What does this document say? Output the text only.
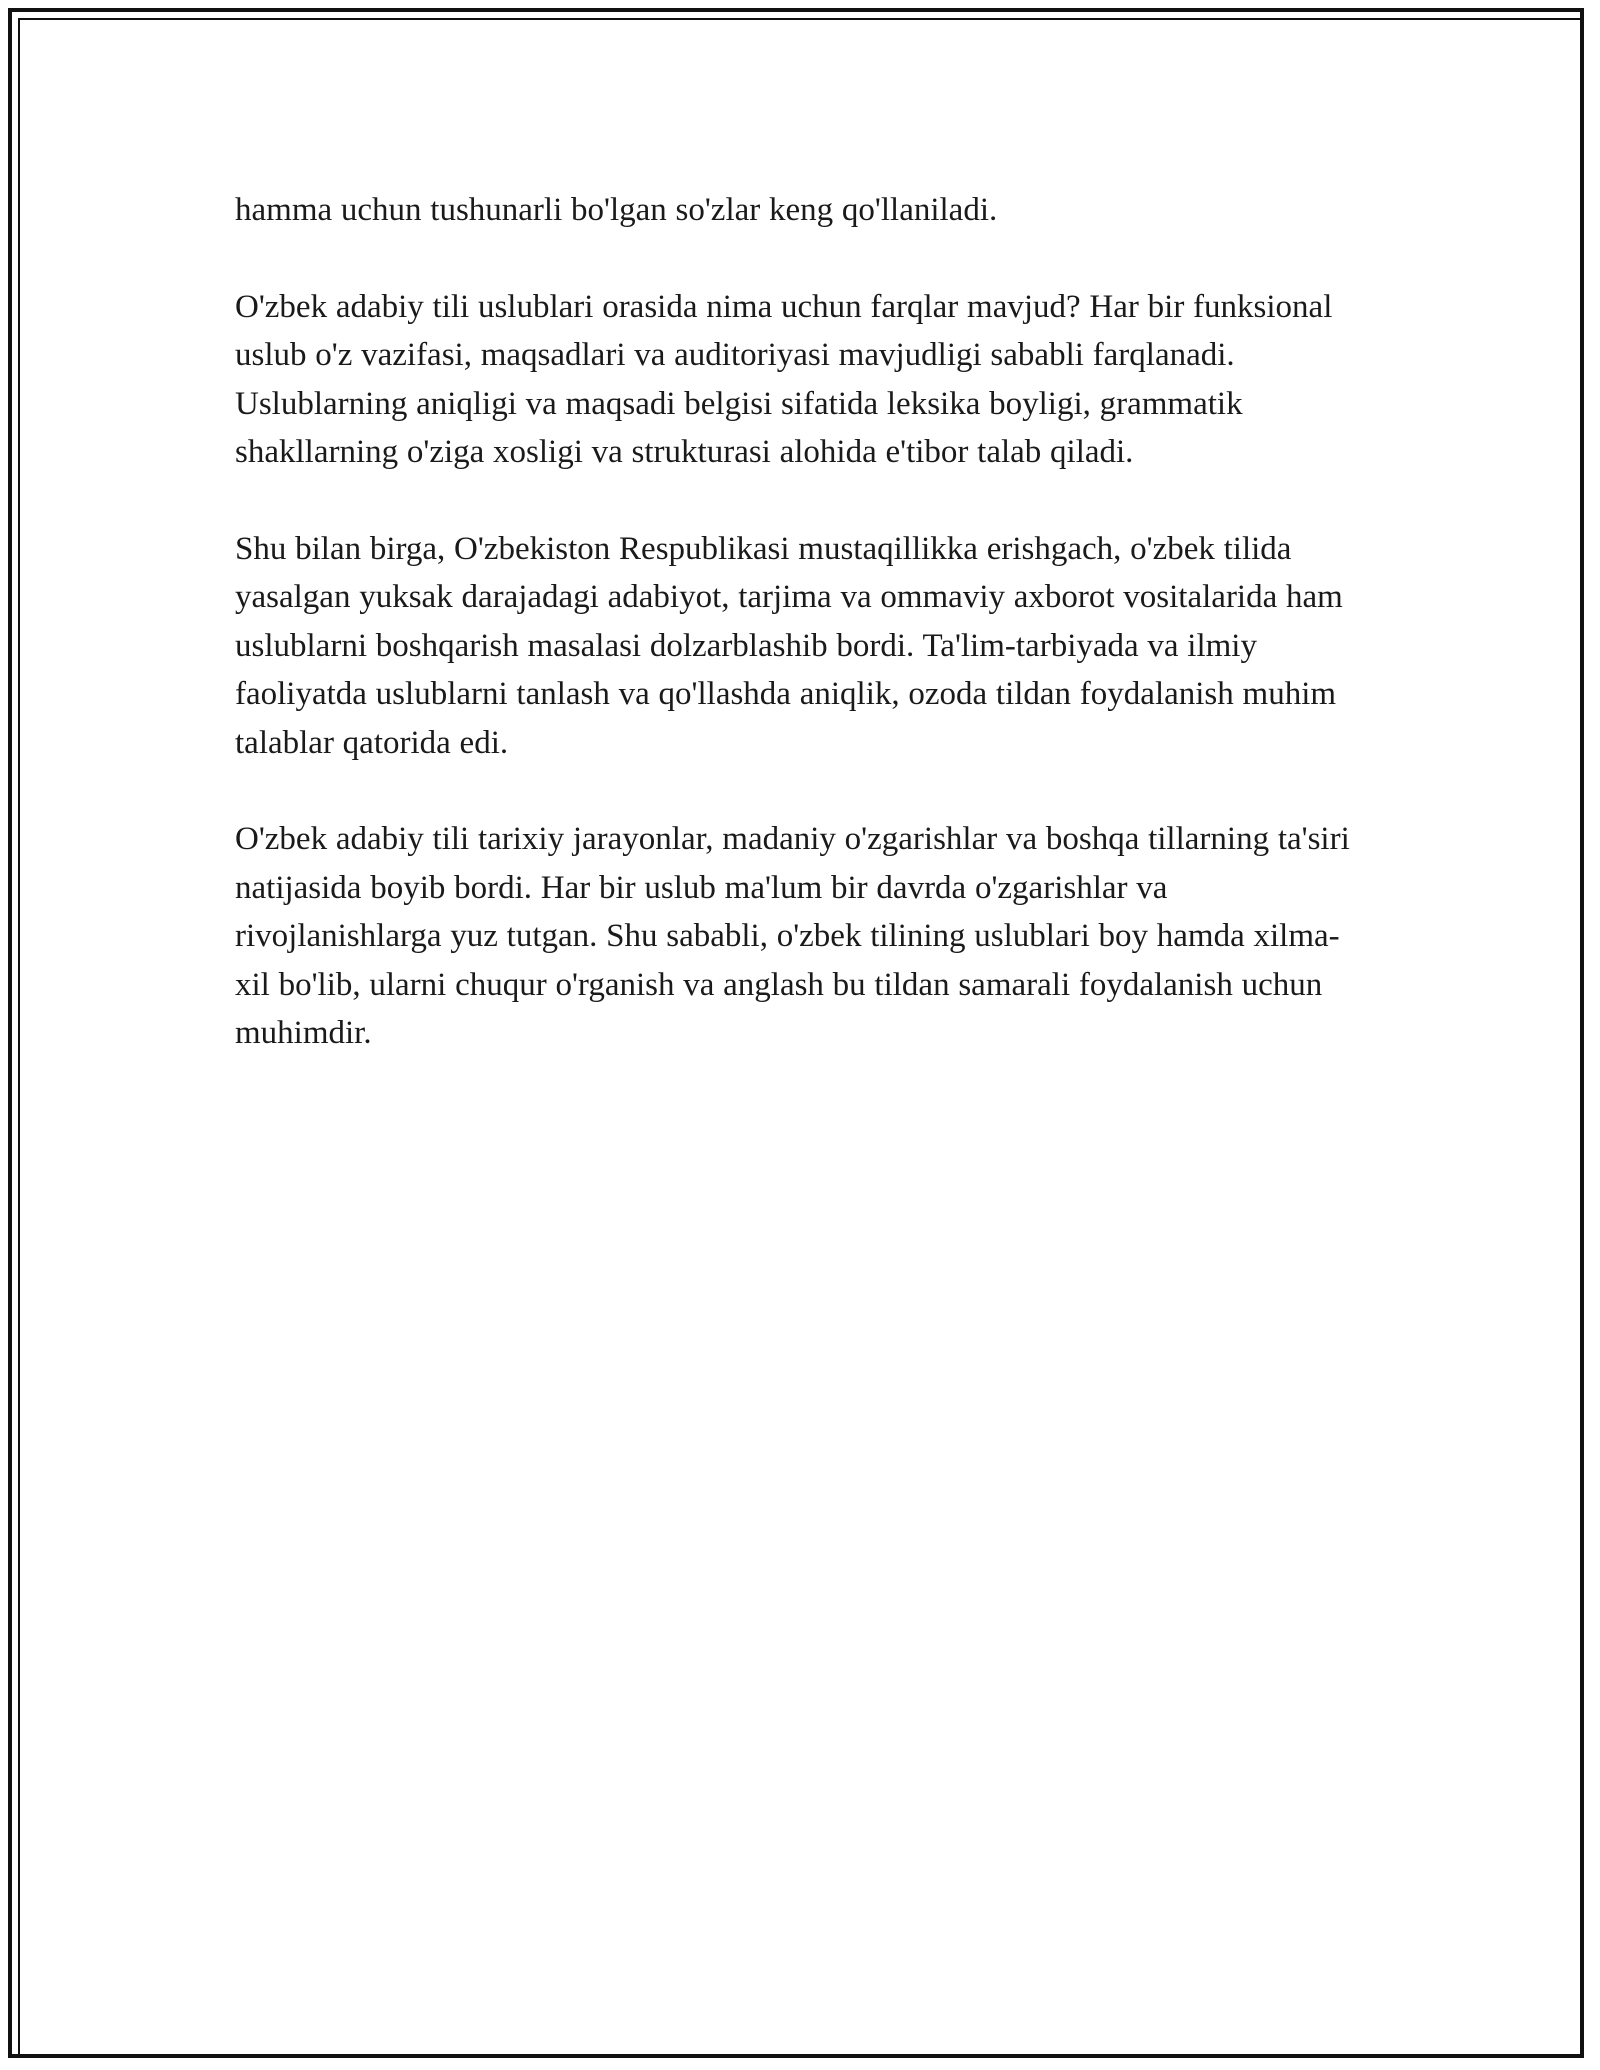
hamma uchun tushunarli bo'lgan so'zlar keng qo'llaniladi.

O'zbek adabiy tili uslublari orasida nima uchun farqlar mavjud? Har bir funksional uslub o'z vazifasi, maqsadlari va auditoriyasi mavjudligi sababli farqlanadi. Uslublarning aniqligi va maqsadi belgisi sifatida leksika boyligi, grammatik shakllarning o'ziga xosligi va strukturasi alohida e'tibor talab qiladi.

Shu bilan birga, O'zbekiston Respublikasi mustaqillikka erishgach, o'zbek tilida yasalgan yuksak darajadagi adabiyot, tarjima va ommaviy axborot vositalarida ham uslublarni boshqarish masalasi dolzarblashib bordi. Ta'lim-tarbiyada va ilmiy faoliyatda uslublarni tanlash va qo'llashda aniqlik, ozoda tildan foydalanish muhim talablar qatorida edi.

O'zbek adabiy tili tarixiy jarayonlar, madaniy o'zgarishlar va boshqa tillarning ta'siri natijasida boyib bordi. Har bir uslub ma'lum bir davrda o'zgarishlar va rivojlanishlarga yuz tutgan. Shu sababli, o'zbek tilining uslublari boy hamda xilma-xil bo'lib, ularni chuqur o'rganish va anglash bu tildan samarali foydalanish uchun muhimdir.
